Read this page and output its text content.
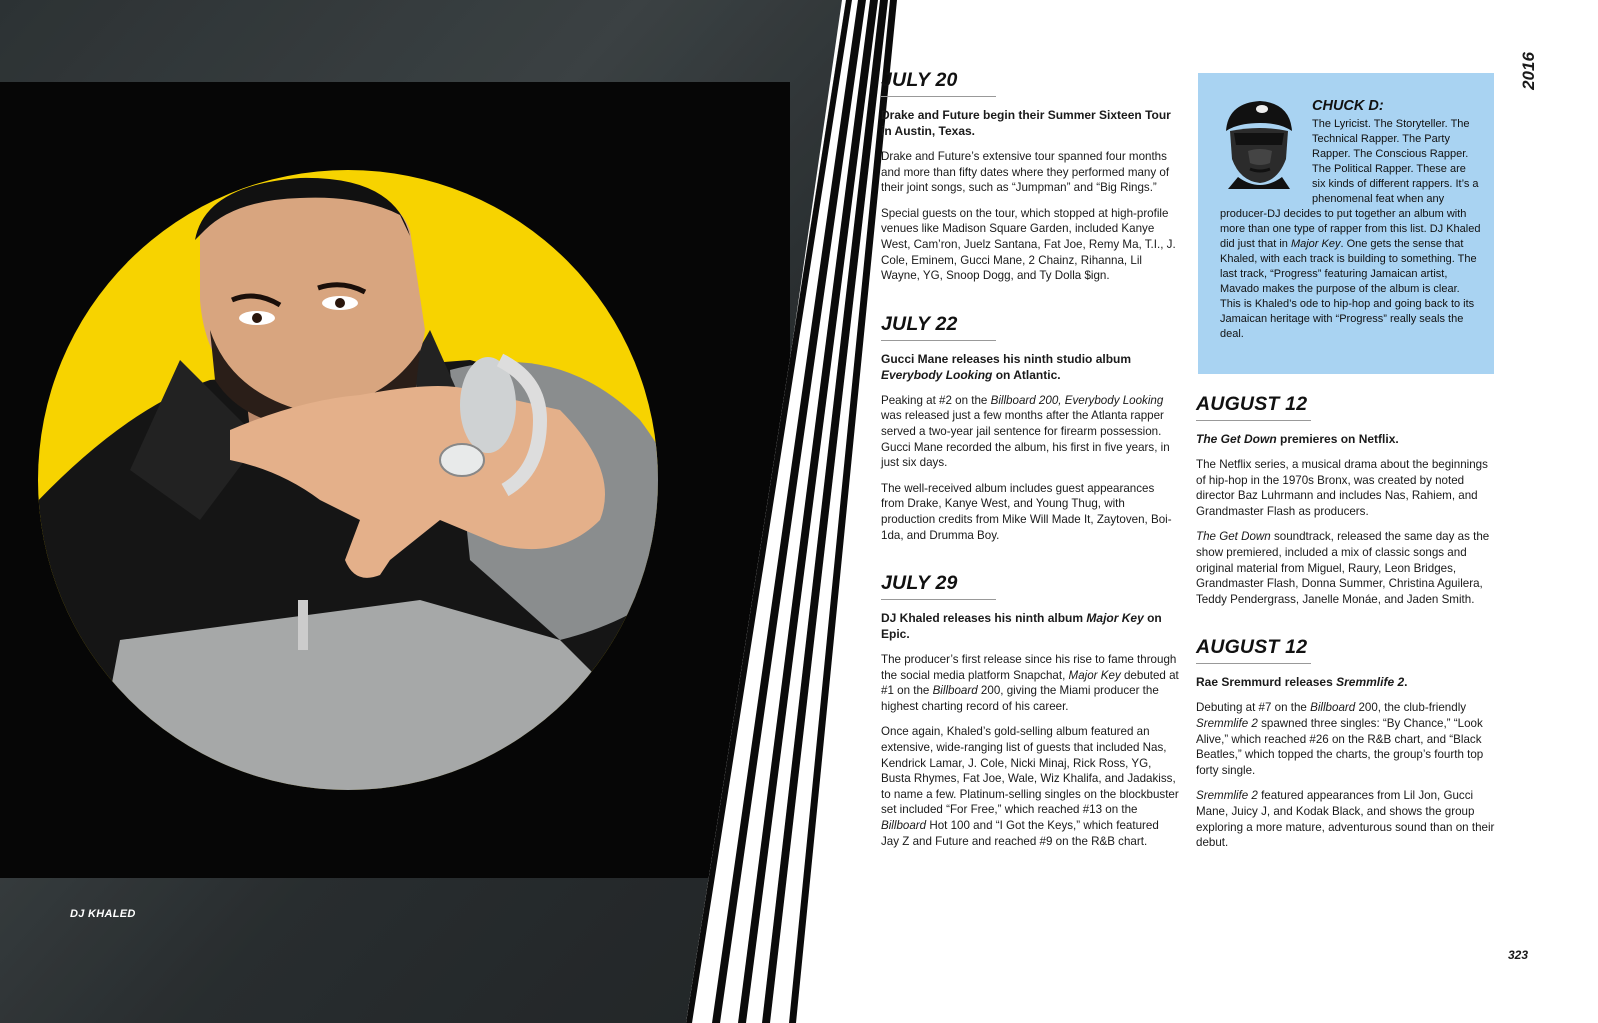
DJ KHALED
2016
JULY 20
Drake and Future begin their Summer Sixteen Tour in Austin, Texas.

Drake and Future’s extensive tour spanned four months and more than fifty dates where they performed many of their joint songs, such as “Jumpman” and “Big Rings.”

Special guests on the tour, which stopped at high-profile venues like Madison Square Garden, included Kanye West, Cam’ron, Juelz Santana, Fat Joe, Remy Ma, T.I., J. Cole, Eminem, Gucci Mane, 2 Chainz, Rihanna, Lil Wayne, YG, Snoop Dogg, and Ty Dolla $ign.

JULY 22
Gucci Mane releases his ninth studio album Everybody Looking on Atlantic.

Peaking at #2 on the Billboard 200, Everybody Looking was released just a few months after the Atlanta rapper served a two-year jail sentence for firearm possession. Gucci Mane recorded the album, his first in five years, in just six days.

The well-received album includes guest appearances from Drake, Kanye West, and Young Thug, with production credits from Mike Will Made It, Zaytoven, Boi-1da, and Drumma Boy.

JULY 29
DJ Khaled releases his ninth album Major Key on Epic.

The producer’s first release since his rise to fame through the social media platform Snapchat, Major Key debuted at #1 on the Billboard 200, giving the Miami producer the highest charting record of his career.

Once again, Khaled’s gold-selling album featured an extensive, wide-ranging list of guests that included Nas, Kendrick Lamar, J. Cole, Nicki Minaj, Rick Ross, YG, Busta Rhymes, Fat Joe, Wale, Wiz Khalifa, and Jadakiss, to name a few. Platinum-selling singles on the blockbuster set included “For Free,” which reached #13 on the Billboard Hot 100 and “I Got the Keys,” which featured Jay Z and Future and reached #9 on the R&B chart.

CHUCK D:

The Lyricist. The Storyteller. The Technical Rapper. The Party Rapper. The Conscious Rapper. The Political Rapper. These are six kinds of different rappers. It’s a phenomenal feat when any producer-DJ decides to put together an album with more than one type of rapper from this list. DJ Khaled did just that in Major Key. One gets the sense that Khaled, with each track is building to something. The last track, “Progress” featuring Jamaican artist, Mavado makes the purpose of the album is clear. This is Khaled’s ode to hip-hop and going back to its Jamaican heritage with “Progress” really seals the deal.

AUGUST 12
The Get Down premieres on Netflix.

The Netflix series, a musical drama about the beginnings of hip-hop in the 1970s Bronx, was created by noted director Baz Luhrmann and includes Nas, Rahiem, and Grandmaster Flash as producers.

The Get Down soundtrack, released the same day as the show premiered, included a mix of classic songs and original material from Miguel, Raury, Leon Bridges, Grandmaster Flash, Donna Summer, Christina Aguilera, Teddy Pendergrass, Janelle Monáe, and Jaden Smith.

AUGUST 12
Rae Sremmurd releases Sremmlife 2.

Debuting at #7 on the Billboard 200, the club-friendly Sremmlife 2 spawned three singles: “By Chance,” “Look Alive,” which reached #26 on the R&B chart, and “Black Beatles,” which topped the charts, the group’s fourth top forty single.

Sremmlife 2 featured appearances from Lil Jon, Gucci Mane, Juicy J, and Kodak Black, and shows the group exploring a more mature, adventurous sound than on their debut.

323
